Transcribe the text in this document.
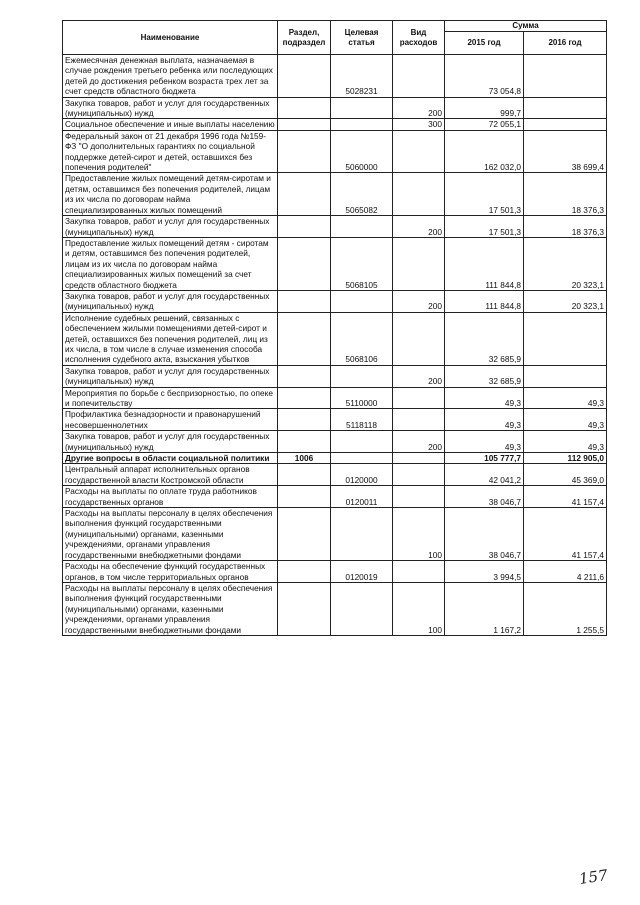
Наименование	Раздел, подраздел	Целевая статья	Вид расходов	Сумма	
				2015 год	2016 год
Ежемесячная денежная выплата, назначаемая в случае рождения третьего ребенка или последующих детей до достижения ребенком возраста трех лет за счет средств областного бюджета		5028231		73 054,8	
Закупка товаров, работ и услуг для государственных (муниципальных) нужд			200	999,7	
Социальное обеспечение и иные выплаты населению			300	72 055,1	
Федеральный закон от 21 декабря 1996 года №159-ФЗ "О дополнительных гарантиях по социальной поддержке детей-сирот и детей, оставшихся без попечения родителей"		5060000		162 032,0	38 699,4
Предоставление жилых помещений детям-сиротам и детям, оставшимся без попечения родителей, лицам из их числа по договорам найма специализированных жилых помещений		5065082		17 501,3	18 376,3
Закупка товаров, работ и услуг для государственных (муниципальных) нужд			200	17 501,3	18 376,3
Предоставление жилых помещений детям - сиротам и детям, оставшимся без попечения родителей, лицам из их числа по договорам найма специализированных жилых помещений за счет средств областного бюджета		5068105		111 844,8	20 323,1
Закупка товаров, работ и услуг для государственных (муниципальных) нужд			200	111 844,8	20 323,1
Исполнение судебных решений, связанных с обеспечением жилыми помещениями детей-сирот и детей, оставшихся без попечения родителей, лиц из их числа, в том числе в случае изменения способа исполнения судебного акта, взыскания убытков		5068106		32 685,9	
Закупка товаров, работ и услуг для государственных (муниципальных) нужд			200	32 685,9	
Мероприятия по борьбе с беспризорностью, по опеке и попечительству		5110000		49,3	49,3
Профилактика безнадзорности и правонарушений несовершеннолетних		5118118		49,3	49,3
Закупка товаров, работ и услуг для государственных (муниципальных) нужд			200	49,3	49,3
Другие вопросы в области социальной политики	1006			105 777,7	112 905,0
Центральный аппарат исполнительных органов государственной власти Костромской области		0120000		42 041,2	45 369,0
Расходы на выплаты по оплате труда работников государственных органов		0120011		38 046,7	41 157,4
Расходы на выплаты персоналу в целях обеспечения выполнения функций государственными (муниципальными) органами, казенными учреждениями, органами управления государственными внебюджетными фондами			100	38 046,7	41 157,4
Расходы на обеспечение функций государственных органов, в том числе территориальных органов		0120019		3 994,5	4 211,6
Расходы на выплаты персоналу в целях обеспечения выполнения функций государственными (муниципальными) органами, казенными учреждениями, органами управления государственными внебюджетными фондами			100	1 167,2	1 255,5
157
